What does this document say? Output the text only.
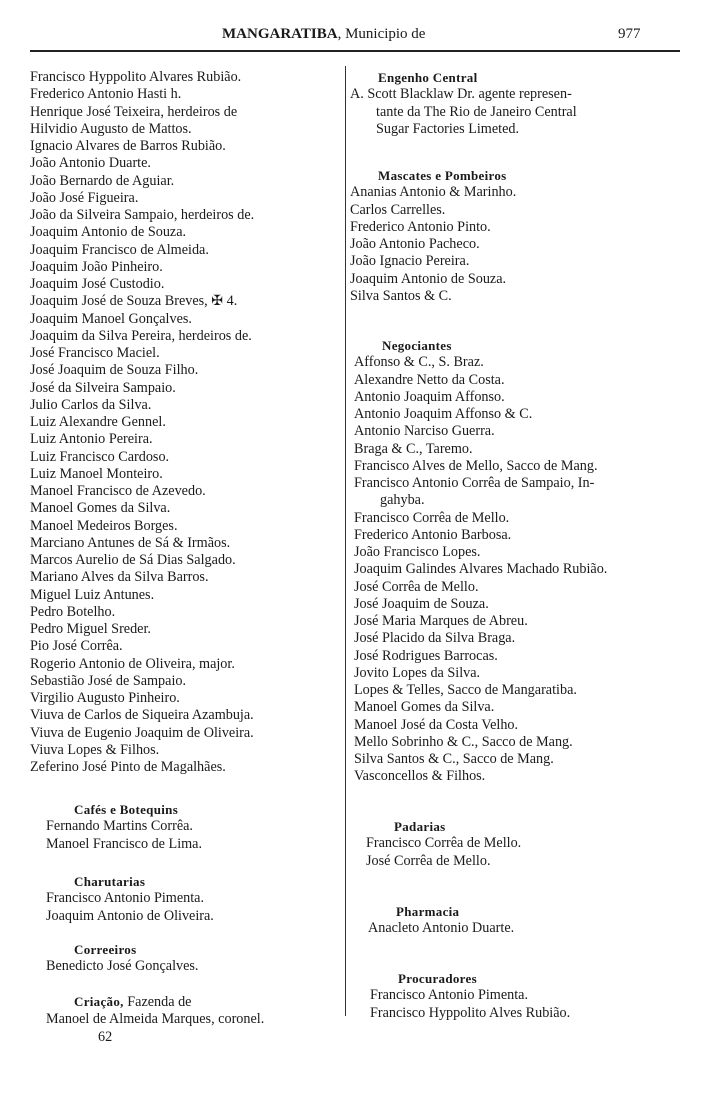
MANGARATIBA, Municipio de	977
Francisco Hyppolito Alvares Rubião.
Frederico Antonio Hasti h.
Henrique José Teixeira, herdeiros de
Hilvidio Augusto de Mattos.
Ignacio Alvares de Barros Rubião.
João Antonio Duarte.
João Bernardo de Aguiar.
João José Figueira.
João da Silveira Sampaio, herdeiros de.
Joaquim Antonio de Souza.
Joaquim Francisco de Almeida.
Joaquim João Pinheiro.
Joaquim José Custodio.
Joaquim José de Souza Breves, ✠ 4.
Joaquim Manoel Gonçalves.
Joaquim da Silva Pereira, herdeiros de.
José Francisco Maciel.
José Joaquim de Souza Filho.
José da Silveira Sampaio.
Julio Carlos da Silva.
Luiz Alexandre Gennel.
Luiz Antonio Pereira.
Luiz Francisco Cardoso.
Luiz Manoel Monteiro.
Manoel Francisco de Azevedo.
Manoel Gomes da Silva.
Manoel Medeiros Borges.
Marciano Antunes de Sá & Irmãos.
Marcos Aurelio de Sá Dias Salgado.
Mariano Alves da Silva Barros.
Miguel Luiz Antunes.
Pedro Botelho.
Pedro Miguel Sreder.
Pio José Corrêa.
Rogerio Antonio de Oliveira, major.
Sebastião José de Sampaio.
Virgilio Augusto Pinheiro.
Viuva de Carlos de Siqueira Azambuja.
Viuva de Eugenio Joaquim de Oliveira.
Viuva Lopes & Filhos.
Zeferino José Pinto de Magalhães.
Cafés e Botequins
Fernando Martins Corrêa.
Manoel Francisco de Lima.
Charutarias
Francisco Antonio Pimenta.
Joaquim Antonio de Oliveira.
Correeiros
Benedicto José Gonçalves.
Criação, Fazenda de
Manoel de Almeida Marques, coronel.
62
Engenho Central
A. Scott Blacklaw Dr. agente represen-
tante da The Rio de Janeiro Central
Sugar Factories Limeted.
Mascates e Pombeiros
Ananias Antonio & Marinho.
Carlos Carrelles.
Frederico Antonio Pinto.
João Antonio Pacheco.
João Ignacio Pereira.
Joaquim Antonio de Souza.
Silva Santos & C.
Negociantes
Affonso & C., S. Braz.
Alexandre Netto da Costa.
Antonio Joaquim Affonso.
Antonio Joaquim Affonso & C.
Antonio Narciso Guerra.
Braga & C., Taremo.
Francisco Alves de Mello, Sacco de Mang.
Francisco Antonio Corrêa de Sampaio, In-
gahyba.
Francisco Corrêa de Mello.
Frederico Antonio Barbosa.
João Francisco Lopes.
Joaquim Galindes Alvares Machado Rubião.
José Corrêa de Mello.
José Joaquim de Souza.
José Maria Marques de Abreu.
José Placido da Silva Braga.
José Rodrigues Barrocas.
Jovito Lopes da Silva.
Lopes & Telles, Sacco de Mangaratiba.
Manoel Gomes da Silva.
Manoel José da Costa Velho.
Mello Sobrinho & C., Sacco de Mang.
Silva Santos & C., Sacco de Mang.
Vasconcellos & Filhos.
Padarias
Francisco Corrêa de Mello.
José Corrêa de Mello.
Pharmacia
Anacleto Antonio Duarte.
Procuradores
Francisco Antonio Pimenta.
Francisco Hyppolito Alves Rubião.
